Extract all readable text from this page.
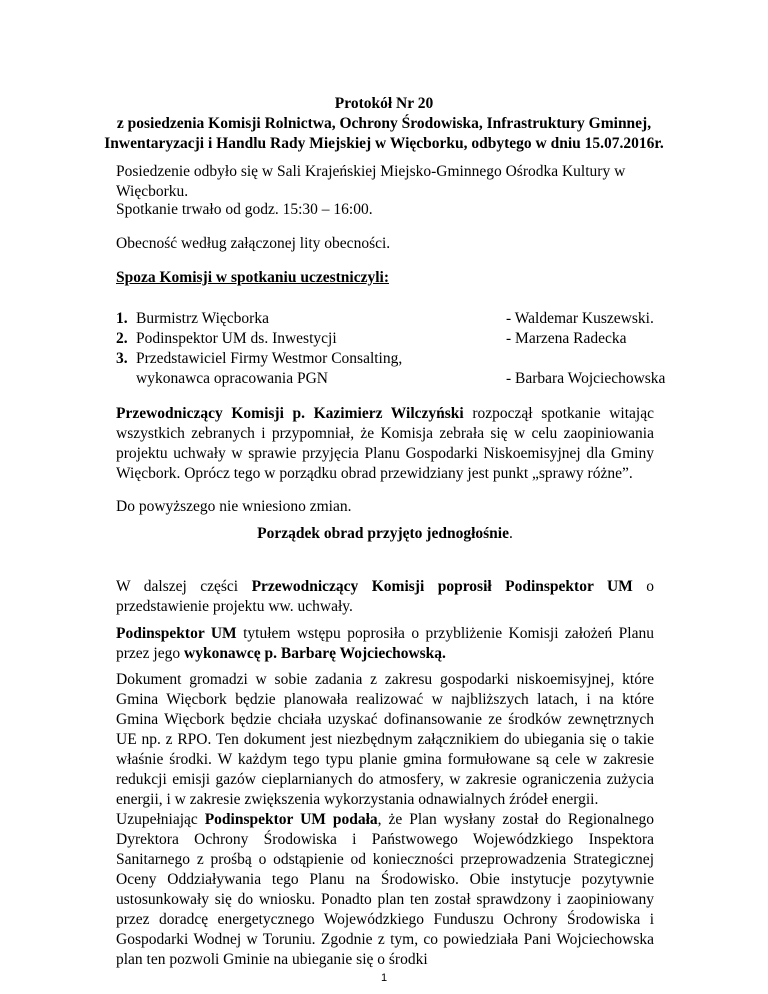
Protokół Nr 20
z posiedzenia Komisji Rolnictwa, Ochrony Środowiska, Infrastruktury Gminnej,
Inwentaryzacji i Handlu Rady Miejskiej w Więcborku, odbytego w dniu 15.07.2016r.
Posiedzenie odbyło się w Sali Krajeńskiej Miejsko-Gminnego Ośrodka Kultury w Więcborku.
Spotkanie trwało od godz. 15:30 – 16:00.
Obecność według załączonej lity obecności.
Spoza Komisji w spotkaniu uczestniczyli:
1. Burmistrz Więcborka	- Waldemar Kuszewski.
2. Podinspektor UM ds. Inwestycji	- Marzena Radecka
3. Przedstawiciel Firmy Westmor Consalting,
wykonawca opracowania PGN	- Barbara Wojciechowska
Przewodniczący Komisji p. Kazimierz Wilczyński rozpoczął spotkanie witając wszystkich zebranych i przypomniał, że Komisja zebrała się w celu zaopiniowania projektu uchwały w sprawie przyjęcia Planu Gospodarki Niskoemisyjnej dla Gminy Więcbork. Oprócz tego w porządku obrad przewidziany jest punkt „sprawy różne”.
Do powyższego nie wniesiono zmian.
Porządek obrad przyjęto jednogłośnie.
W dalszej części Przewodniczący Komisji poprosił Podinspektor UM o przedstawienie projektu ww. uchwały.
Podinspektor UM tytułem wstępu poprosiła o przybliżenie Komisji założeń Planu przez jego wykonawcę p. Barbarę Wojciechowską.
Dokument gromadzi w sobie zadania z zakresu gospodarki niskoemisyjnej, które Gmina Więcbork będzie planowała realizować w najbliższych latach, i na które Gmina Więcbork będzie chciała uzyskać dofinansowanie ze środków zewnętrznych UE np. z RPO. Ten dokument jest niezbędnym załącznikiem do ubiegania się o takie właśnie środki. W każdym tego typu planie gmina formułowane są cele w zakresie redukcji emisji gazów cieplarnianych do atmosfery, w zakresie ograniczenia zużycia energii, i w zakresie zwiększenia wykorzystania odnawialnych źródeł energii.
Uzupełniając Podinspektor UM podała, że Plan wysłany został do Regionalnego Dyrektora Ochrony Środowiska i Państwowego Wojewódzkiego Inspektora Sanitarnego z prośbą o odstąpienie od konieczności przeprowadzenia Strategicznej Oceny Oddziaływania tego Planu na Środowisko. Obie instytucje pozytywnie ustosunkowały się do wniosku. Ponadto plan ten został sprawdzony i zaopiniowany przez doradcę energetycznego Wojewódzkiego Funduszu Ochrony Środowiska i Gospodarki Wodnej w Toruniu. Zgodnie z tym, co powiedziała Pani Wojciechowska plan ten pozwoli Gminie na ubieganie się o środki
1
